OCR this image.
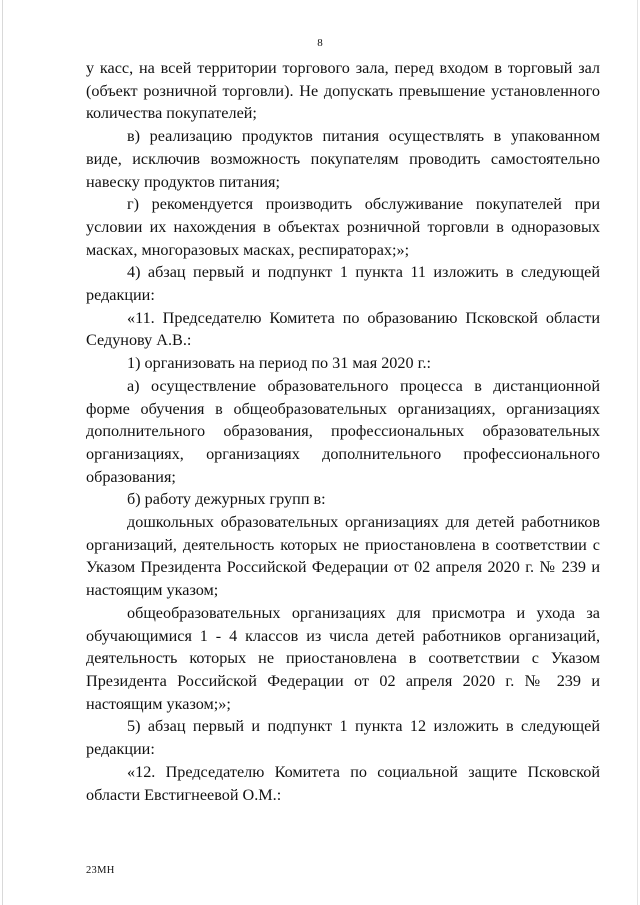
8

у касс, на всей территории торгового зала, перед входом в торговый зал (объект розничной торговли). Не допускать превышение установленного количества покупателей;

в) реализацию продуктов питания осуществлять в упакованном виде, исключив возможность покупателям проводить самостоятельно навеску продуктов питания;

г) рекомендуется производить обслуживание покупателей при условии их нахождения в объектах розничной торговли в одноразовых масках, многоразовых масках, респираторах;»;

4) абзац первый и подпункт 1 пункта 11 изложить в следующей редакции:

«11. Председателю Комитета по образованию Псковской области Седунову А.В.:

1) организовать на период по 31 мая 2020 г.:

а) осуществление образовательного процесса в дистанционной форме обучения в общеобразовательных организациях, организациях дополнительного образования, профессиональных образовательных организациях, организациях дополнительного профессионального образования;

б) работу дежурных групп в:

дошкольных образовательных организациях для детей работников организаций, деятельность которых не приостановлена в соответствии с Указом Президента Российской Федерации от 02 апреля 2020 г. № 239 и настоящим указом;

общеобразовательных организациях для присмотра и ухода за обучающимися 1 - 4 классов из числа детей работников организаций, деятельность которых не приостановлена в соответствии с Указом Президента Российской Федерации от 02 апреля 2020 г. № 239 и настоящим указом;»;

5) абзац первый и подпункт 1 пункта 12 изложить в следующей редакции:

«12. Председателю Комитета по социальной защите Псковской области Евстигнеевой О.М.:

23МН
